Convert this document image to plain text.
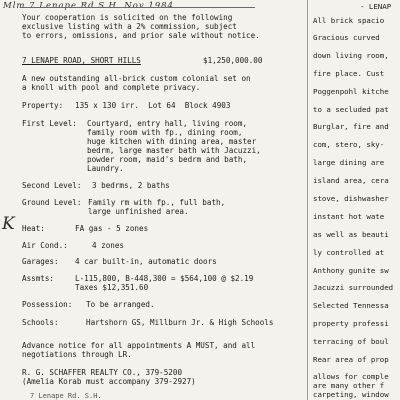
Mlm 7 Lenape Rd S.H. Nov 1984
K
Your cooperation is solicited on the following
exclusive listing with a 2% commission, subject
to errors, omissions, and prior sale without notice.
7 LENAPE ROAD, SHORT HILLS	$1,250,000.00
A new outstanding all-brick custom colonial set on
a knoll with pool and complete privacy.
Property: 135 x 130 irr.  Lot 64  Block 4903
First Level: Courtyard, entry hall, living room,
family room with fp., dining room,
huge kitchen with dining area, master
bedrm, large master bath with Jacuzzi,
powder room, maid's bedrm and bath,
Laundry.
Second Level: 3 bedrms, 2 baths
Ground Level: Family rm with fp., full bath,
large unfinished area.
Heat:	FA gas - 5 zones
Air Cond.:	4 zones
Garages: 4 car built-in, automatic doors
Assmts:	L-115,800, B-448,300 = $564,100 @ $2.19
Taxes $12,351.60
Possession: To be arranged.
Schools:	Hartshorn GS, Millburn Jr. & High Schools
Advance notice for all appointments A MUST, and all
negotiations through LR.
R. G. SCHAFFER REALTY CO., 379-5200
(Amelia Korab must accompany 379-2927)
7 Lenape Rd. S.H.
- LENAP
All brick spacio
Gracious curved
down living room,
fire place. Cust
Poggenpohl kitche
to a secluded pat
Burglar, fire and
com, stero, sky-
large dining are
island area, cera
stove, dishwasher
instant hot wate
as well as beauti
ly controlled at
Anthony gunite sw
Jacuzzi surrounded
Selected Tennessa
property professi
terracing of boul
Rear area of prop
allows for comple
are many other f
carpeting, window
